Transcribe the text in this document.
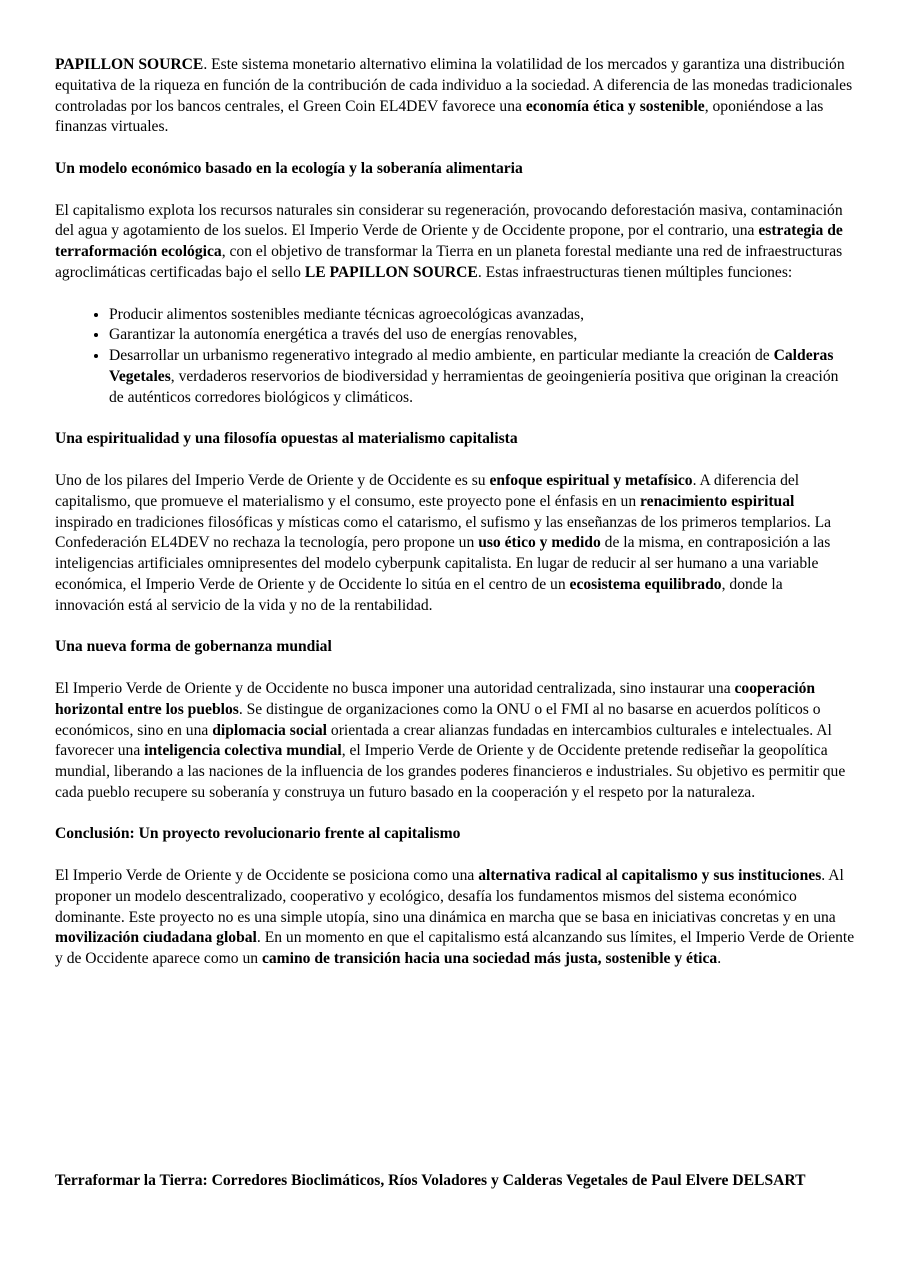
PAPILLON SOURCE. Este sistema monetario alternativo elimina la volatilidad de los mercados y garantiza una distribución equitativa de la riqueza en función de la contribución de cada individuo a la sociedad. A diferencia de las monedas tradicionales controladas por los bancos centrales, el Green Coin EL4DEV favorece una economía ética y sostenible, oponiéndose a las finanzas virtuales.

Un modelo económico basado en la ecología y la soberanía alimentaria

El capitalismo explota los recursos naturales sin considerar su regeneración, provocando deforestación masiva, contaminación del agua y agotamiento de los suelos. El Imperio Verde de Oriente y de Occidente propone, por el contrario, una estrategia de terraformación ecológica, con el objetivo de transformar la Tierra en un planeta forestal mediante una red de infraestructuras agroclimáticas certificadas bajo el sello LE PAPILLON SOURCE. Estas infraestructuras tienen múltiples funciones:

• Producir alimentos sostenibles mediante técnicas agroecológicas avanzadas,
• Garantizar la autonomía energética a través del uso de energías renovables,
• Desarrollar un urbanismo regenerativo integrado al medio ambiente, en particular mediante la creación de Calderas Vegetales, verdaderos reservorios de biodiversidad y herramientas de geoingeniería positiva que originan la creación de auténticos corredores biológicos y climáticos.
Una espiritualidad y una filosofía opuestas al materialismo capitalista

Uno de los pilares del Imperio Verde de Oriente y de Occidente es su enfoque espiritual y metafísico. A diferencia del capitalismo, que promueve el materialismo y el consumo, este proyecto pone el énfasis en un renacimiento espiritual inspirado en tradiciones filosóficas y místicas como el catarismo, el sufismo y las enseñanzas de los primeros templarios. La Confederación EL4DEV no rechaza la tecnología, pero propone un uso ético y medido de la misma, en contraposición a las inteligencias artificiales omnipresentes del modelo cyberpunk capitalista. En lugar de reducir al ser humano a una variable económica, el Imperio Verde de Oriente y de Occidente lo sitúa en el centro de un ecosistema equilibrado, donde la innovación está al servicio de la vida y no de la rentabilidad.

Una nueva forma de gobernanza mundial

El Imperio Verde de Oriente y de Occidente no busca imponer una autoridad centralizada, sino instaurar una cooperación horizontal entre los pueblos. Se distingue de organizaciones como la ONU o el FMI al no basarse en acuerdos políticos o económicos, sino en una diplomacia social orientada a crear alianzas fundadas en intercambios culturales e intelectuales. Al favorecer una inteligencia colectiva mundial, el Imperio Verde de Oriente y de Occidente pretende rediseñar la geopolítica mundial, liberando a las naciones de la influencia de los grandes poderes financieros e industriales. Su objetivo es permitir que cada pueblo recupere su soberanía y construya un futuro basado en la cooperación y el respeto por la naturaleza.

Conclusión: Un proyecto revolucionario frente al capitalismo

El Imperio Verde de Oriente y de Occidente se posiciona como una alternativa radical al capitalismo y sus instituciones. Al proponer un modelo descentralizado, cooperativo y ecológico, desafía los fundamentos mismos del sistema económico dominante. Este proyecto no es una simple utopía, sino una dinámica en marcha que se basa en iniciativas concretas y en una movilización ciudadana global. En un momento en que el capitalismo está alcanzando sus límites, el Imperio Verde de Oriente y de Occidente aparece como un camino de transición hacia una sociedad más justa, sostenible y ética.

Terraformar la Tierra: Corredores Bioclimáticos, Ríos Voladores y Calderas Vegetales de Paul Elvere DELSART
